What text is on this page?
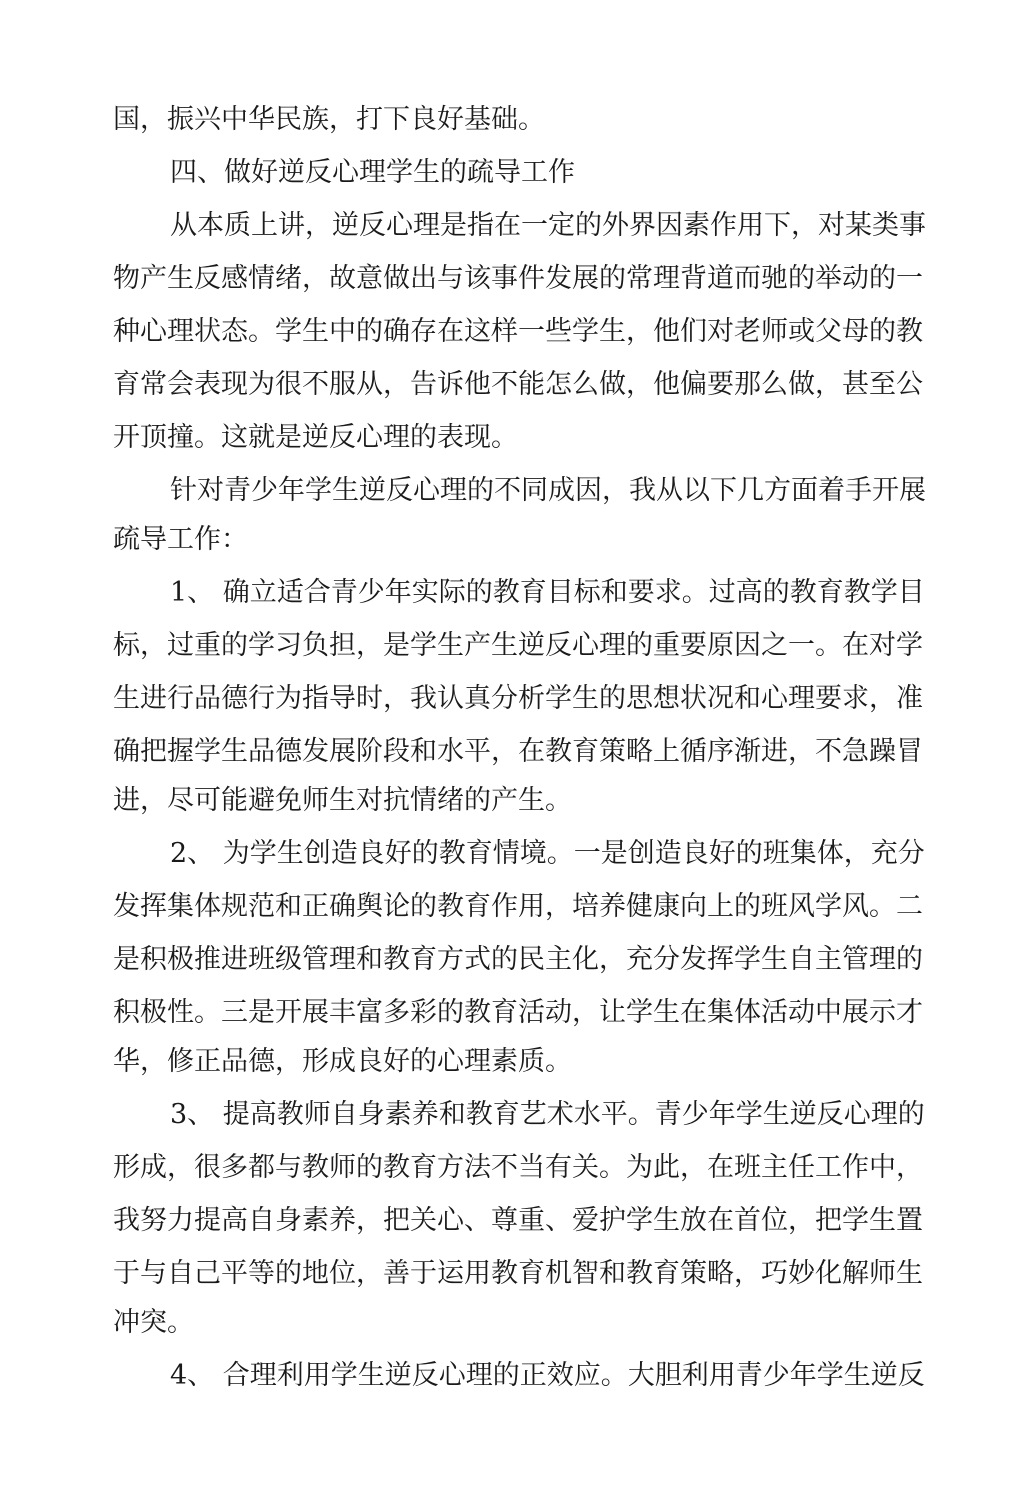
国，振兴中华民族，打下良好基础。

四、做好逆反心理学生的疏导工作

从本质上讲，逆反心理是指在一定的外界因素作用下，对某类事

物产生反感情绪，故意做出与该事件发展的常理背道而驰的举动的一

种心理状态。学生中的确存在这样一些学生，他们对老师或父母的教

育常会表现为很不服从，告诉他不能怎么做，他偏要那么做，甚至公

开顶撞。这就是逆反心理的表现。

针对青少年学生逆反心理的不同成因，我从以下几方面着手开展

疏导工作：

1、 确立适合青少年实际的教育目标和要求。过高的教育教学目

标，过重的学习负担，是学生产生逆反心理的重要原因之一。在对学

生进行品德行为指导时，我认真分析学生的思想状况和心理要求，准

确把握学生品德发展阶段和水平，在教育策略上循序渐进，不急躁冒

进，尽可能避免师生对抗情绪的产生。

2、 为学生创造良好的教育情境。一是创造良好的班集体，充分

发挥集体规范和正确舆论的教育作用，培养健康向上的班风学风。二

是积极推进班级管理和教育方式的民主化，充分发挥学生自主管理的

积极性。三是开展丰富多彩的教育活动，让学生在集体活动中展示才

华，修正品德，形成良好的心理素质。

3、 提高教师自身素养和教育艺术水平。青少年学生逆反心理的

形成，很多都与教师的教育方法不当有关。为此，在班主任工作中，

我努力提高自身素养，把关心、尊重、爱护学生放在首位，把学生置

于与自己平等的地位，善于运用教育机智和教育策略，巧妙化解师生

冲突。

4、 合理利用学生逆反心理的正效应。大胆利用青少年学生逆反
